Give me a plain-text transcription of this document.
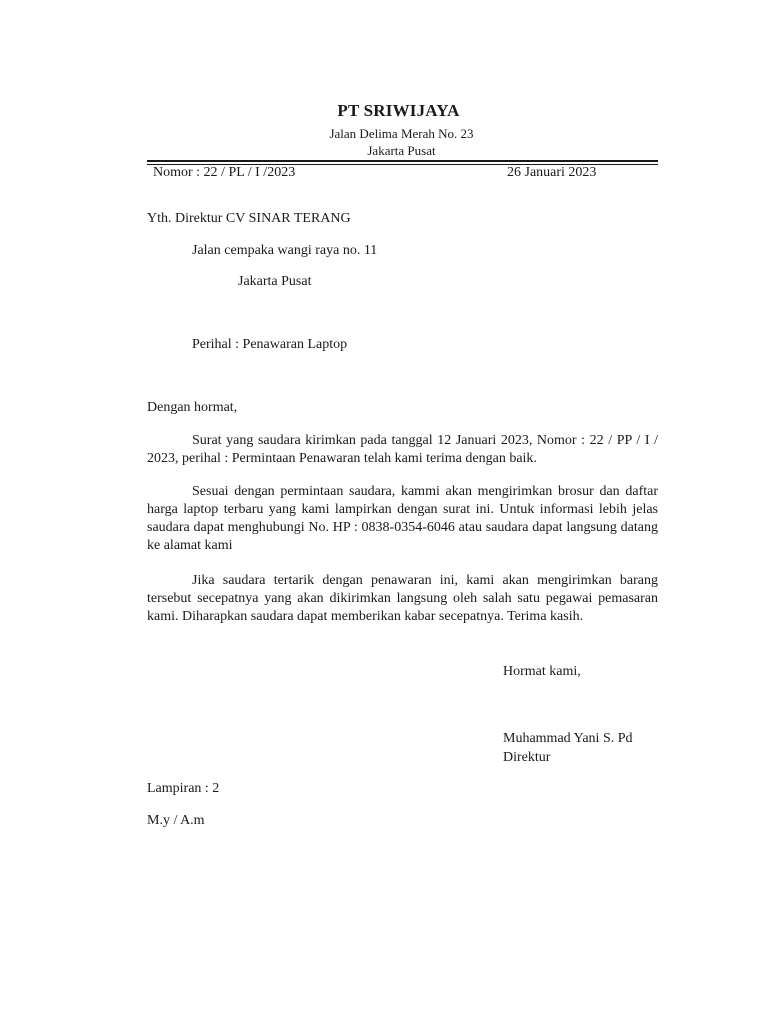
PT SRIWIJAYA
Jalan Delima Merah No. 23
Jakarta Pusat
Nomor : 22 / PL / I /2023	26 Januari 2023
Yth. Direktur CV SINAR TERANG
Jalan cempaka wangi raya no. 11
Jakarta Pusat
Perihal : Penawaran Laptop
Dengan hormat,
Surat yang saudara kirimkan pada tanggal 12 Januari 2023, Nomor : 22 / PP / I / 2023, perihal : Permintaan Penawaran telah kami terima dengan baik.
Sesuai dengan permintaan saudara, kammi akan mengirimkan brosur dan daftar harga laptop terbaru yang kami lampirkan dengan surat ini. Untuk informasi lebih jelas saudara dapat menghubungi No. HP : 0838-0354-6046 atau saudara dapat langsung datang ke alamat kami
Jika saudara tertarik dengan penawaran ini, kami akan mengirimkan barang tersebut secepatnya yang akan dikirimkan langsung oleh salah satu pegawai pemasaran kami. Diharapkan saudara dapat memberikan kabar secepatnya. Terima kasih.
Hormat kami,
Muhammad Yani S. Pd
Direktur
Lampiran : 2
M.y / A.m
